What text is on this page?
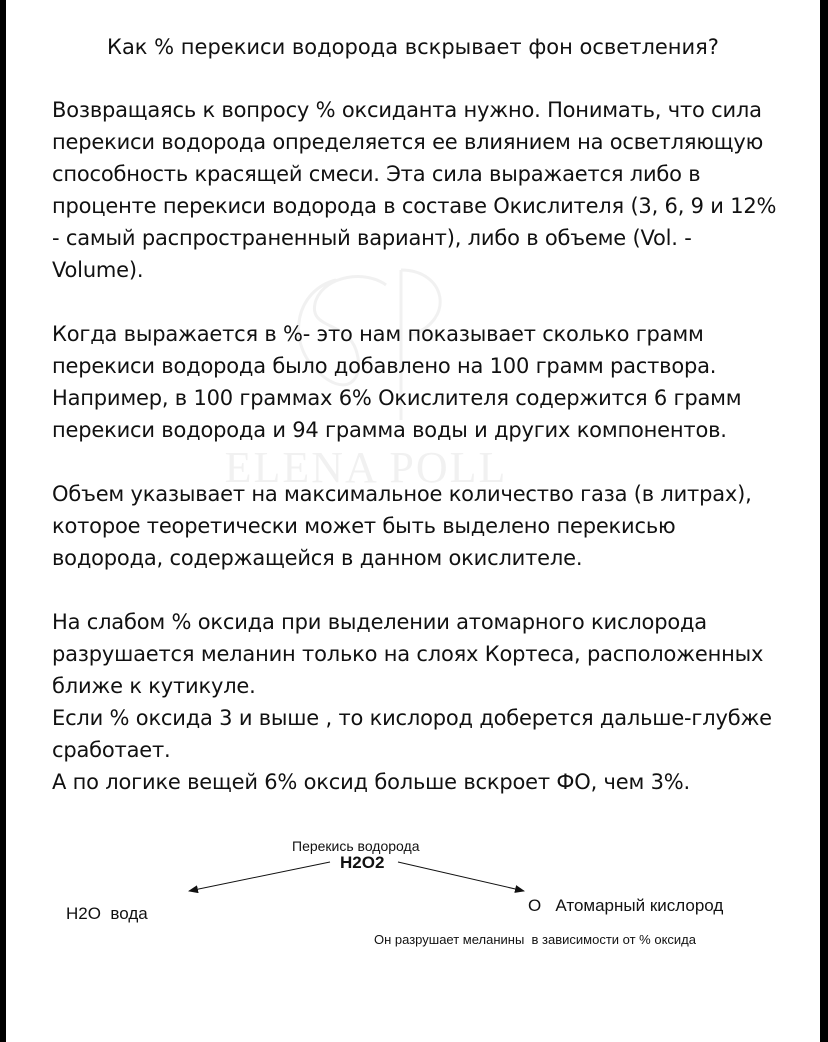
ELENA POLL
Как % перекиси водорода вскрывает фон осветления?

Возвращаясь к вопросу % оксиданта нужно. Понимать, что сила
перекиси водорода определяется ее влиянием на осветляющую
способность красящей смеси. Эта сила выражается либо в
проценте перекиси водорода в составе Окислителя (3, 6, 9 и 12%
- самый распространенный вариант), либо в объеме (Vol. -
Volume).

Когда выражается в %- это нам показывает сколько грамм
перекиси водорода было добавлено на 100 грамм раствора.
Например, в 100 граммах 6% Окислителя содержится 6 грамм
перекиси водорода и 94 грамма воды и других компонентов.

Объем указывает на максимальное количество газа (в литрах),
которое теоретически может быть выделено перекисью
водорода, содержащейся в данном окислителе.

На слабом % оксида при выделении атомарного кислорода
разрушается меланин только на слоях Кортеса, расположенных
ближе к кутикуле.
Если % оксида 3 и выше , то кислород доберется дальше-глубже
сработает.
А по логике вещей 6% оксид больше вскроет ФО, чем 3%.

Перекись водорода
H2O2
H2O  вода	O   Атомарный кислород
Он разрушает меланины  в зависимости от % оксида
